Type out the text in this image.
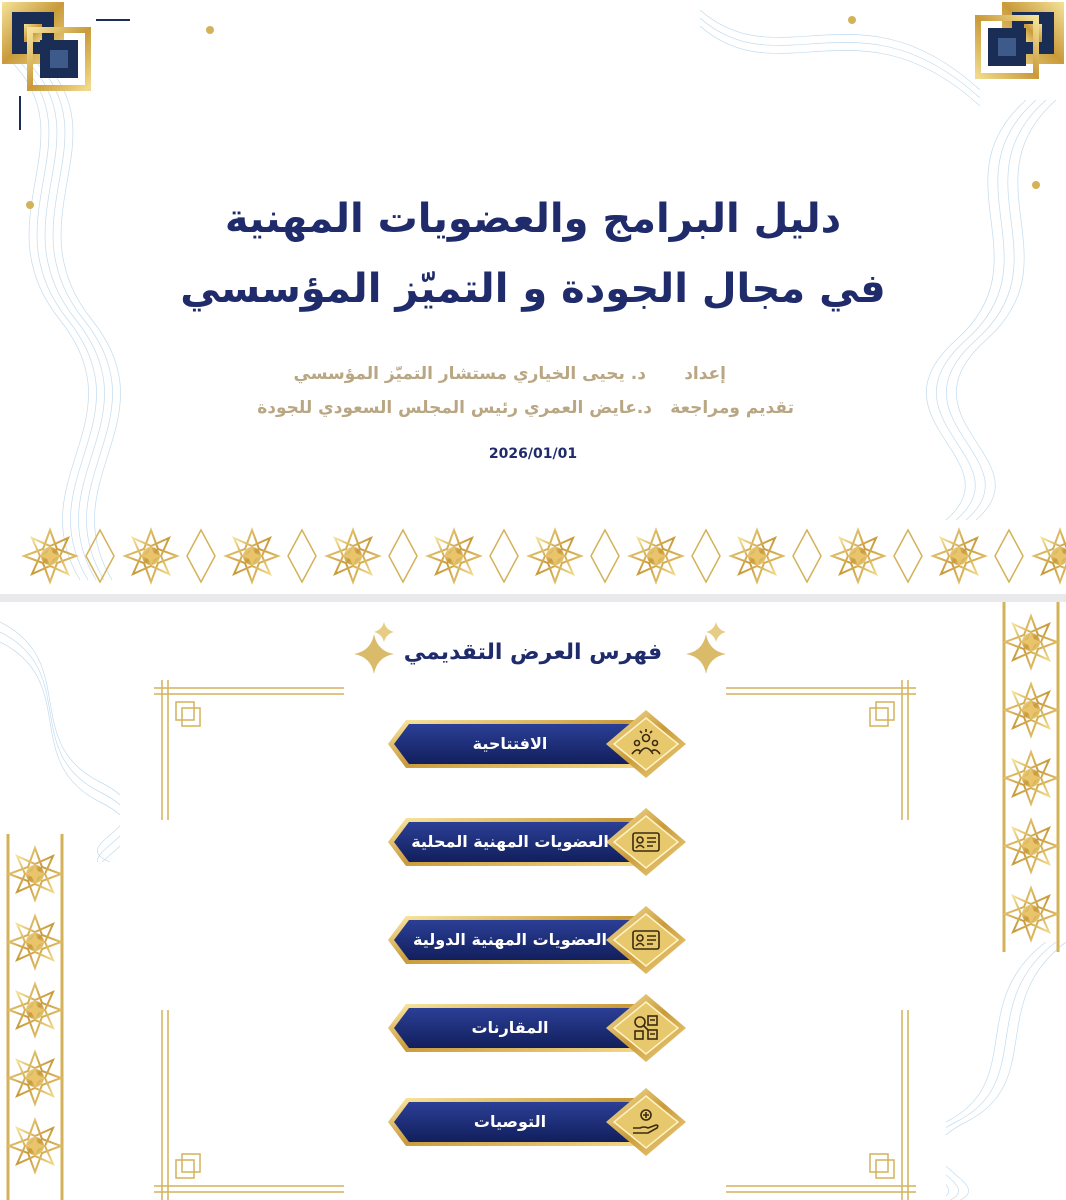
دليل البرامج والعضويات المهنية
في مجال الجودة و التميّز المؤسسي
إعداد
د. يحيى الخياري مستشار التميّز المؤسسي
تقديم ومراجعة
د.عايض العمري رئيس المجلس السعودي للجودة
2026/01/01
فهرس العرض التقديمي
الافتتاحية
العضويات المهنية المحلية
العضويات المهنية الدولية
المقارنات
التوصيات
